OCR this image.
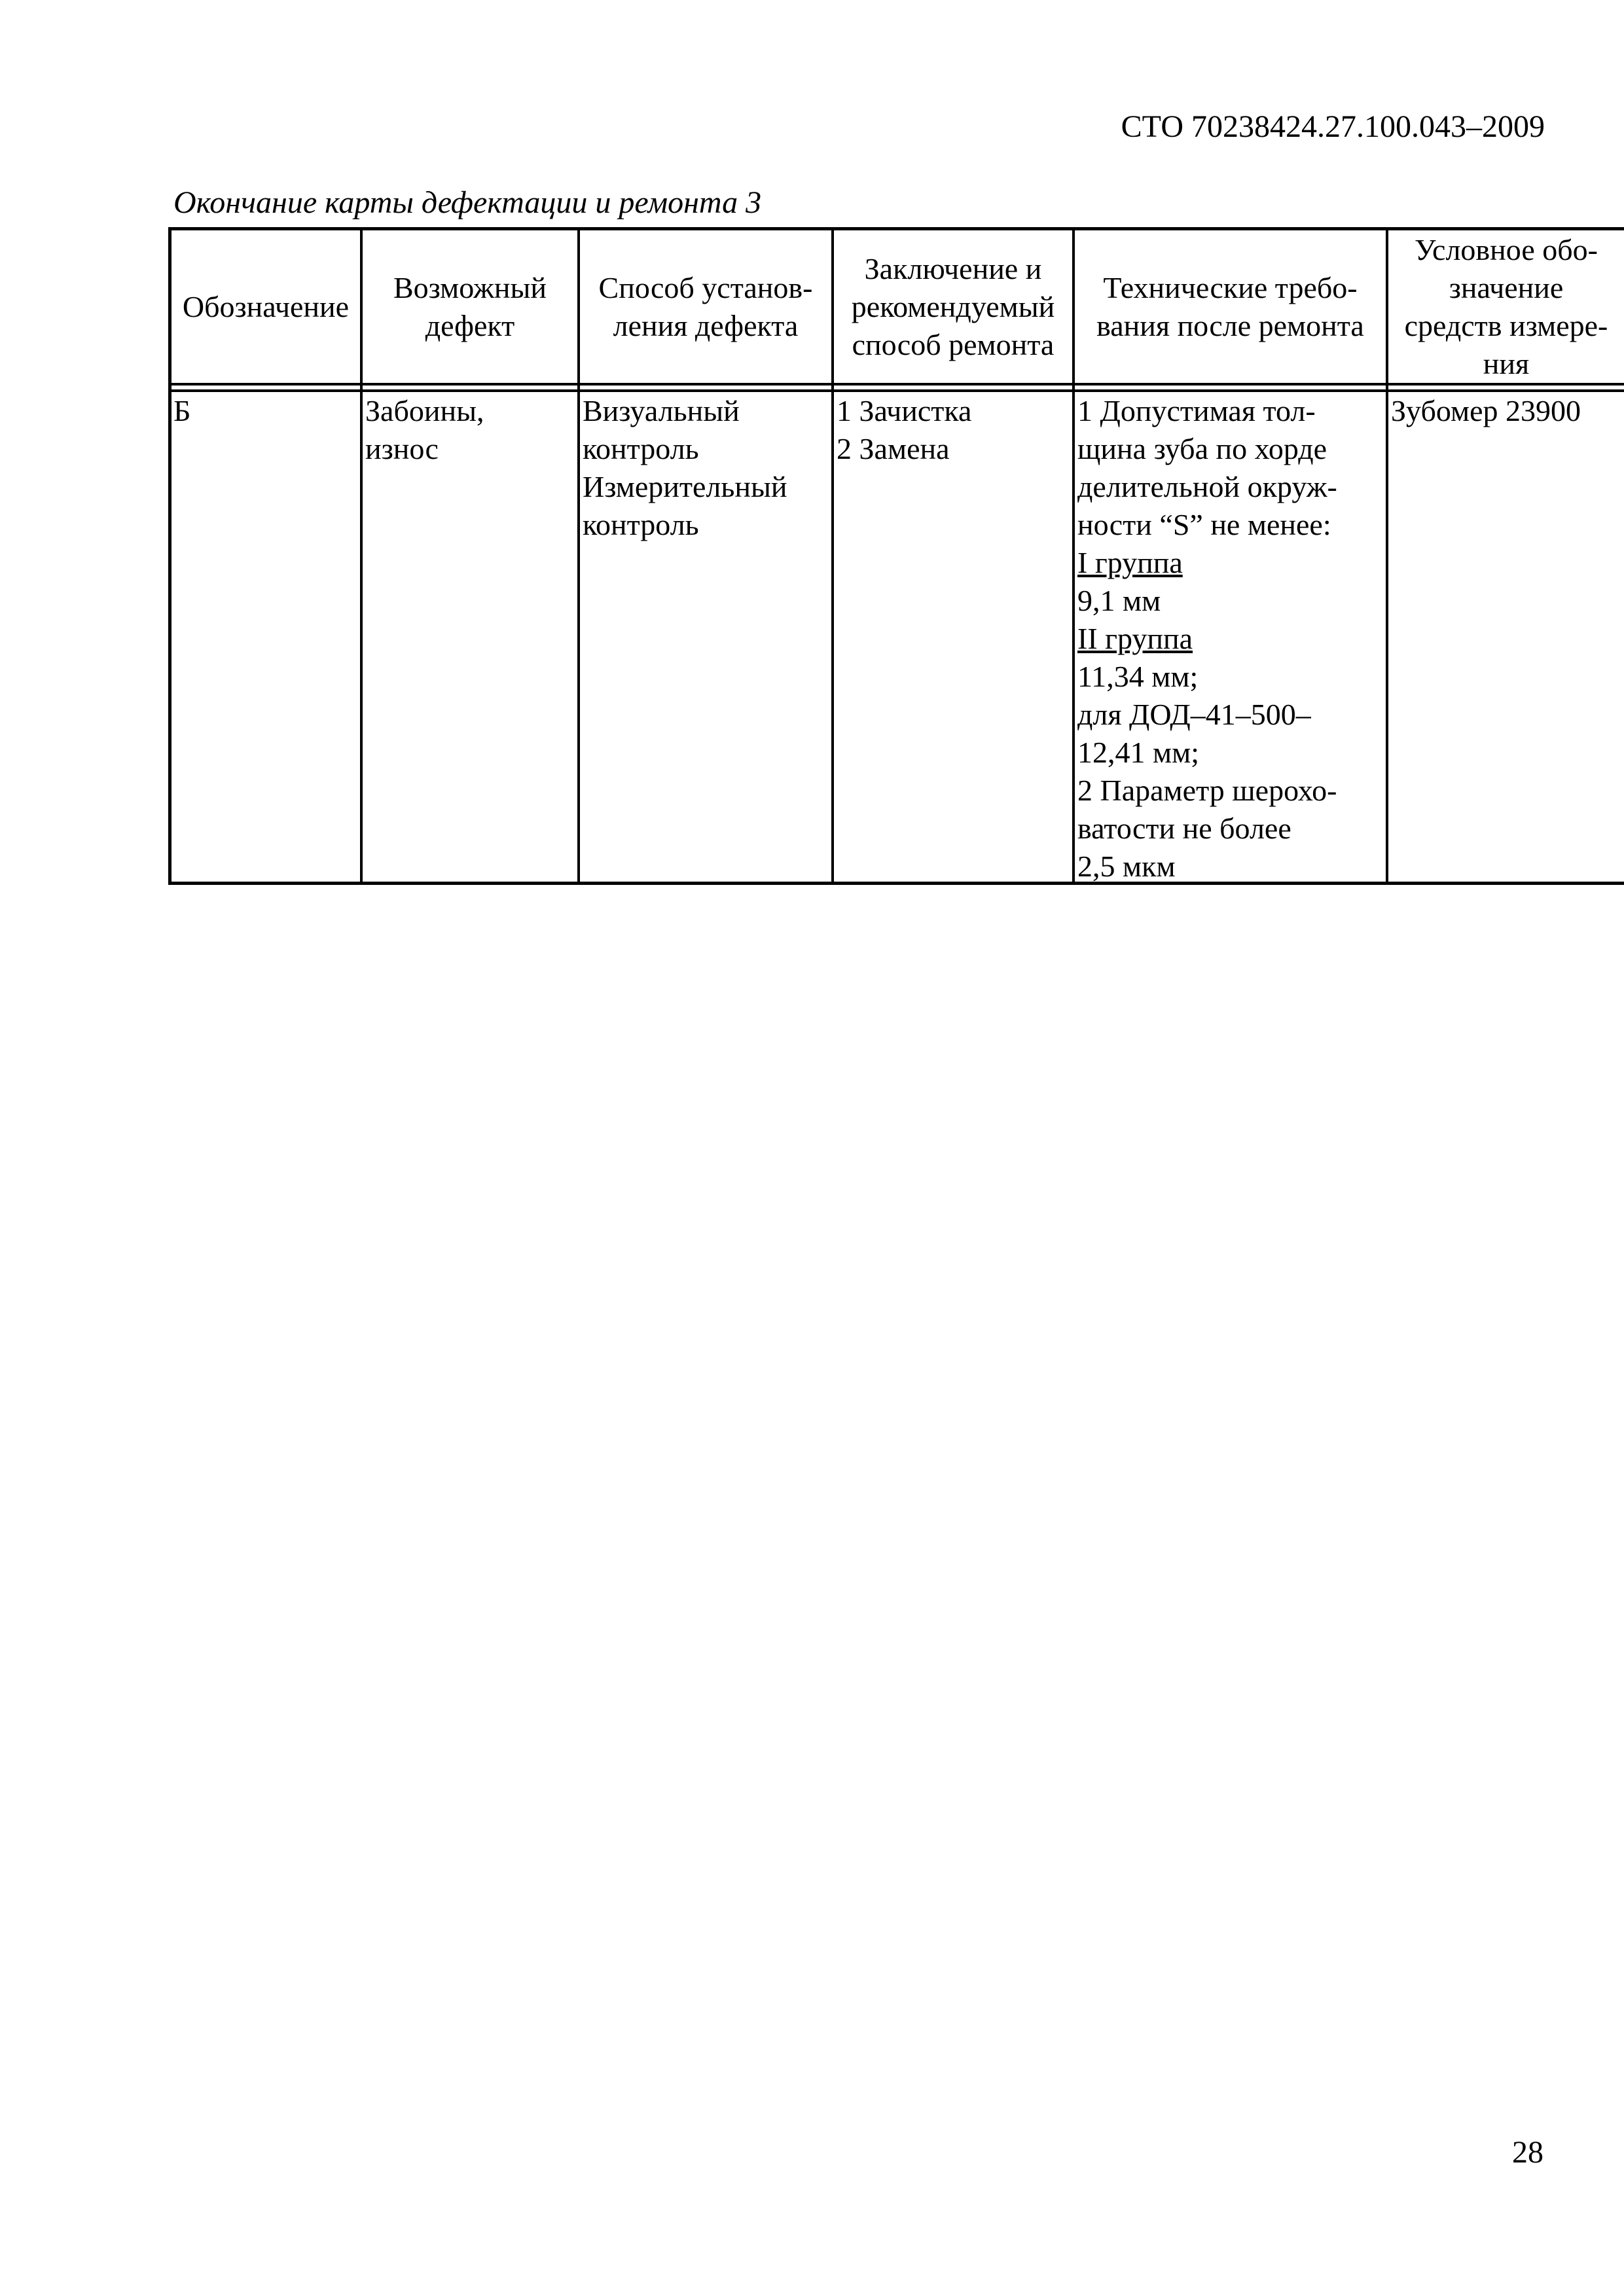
СТО 70238424.27.100.043–2009
Окончание карты дефектации и ремонта 3
Обозначение
Возможный
дефект
Способ установ-
ления дефекта
Заключение и
рекомендуемый
способ ремонта
Технические требо-
вания после ремонта
Условное обо-
значение
средств измере-
ния
Б	Забоины,
износ
Визуальный
контроль
Измерительный
контроль
1 Зачистка
2 Замена
1 Допустимая тол-
щина зуба по хорде
делительной окруж-
ности “S” не менее:
I группа
9,1 мм
II группа
11,34 мм;
для ДОД–41–500–
12,41 мм;
2 Параметр шерохо-
ватости не более
2,5 мкм
Зубомер 23900
28
